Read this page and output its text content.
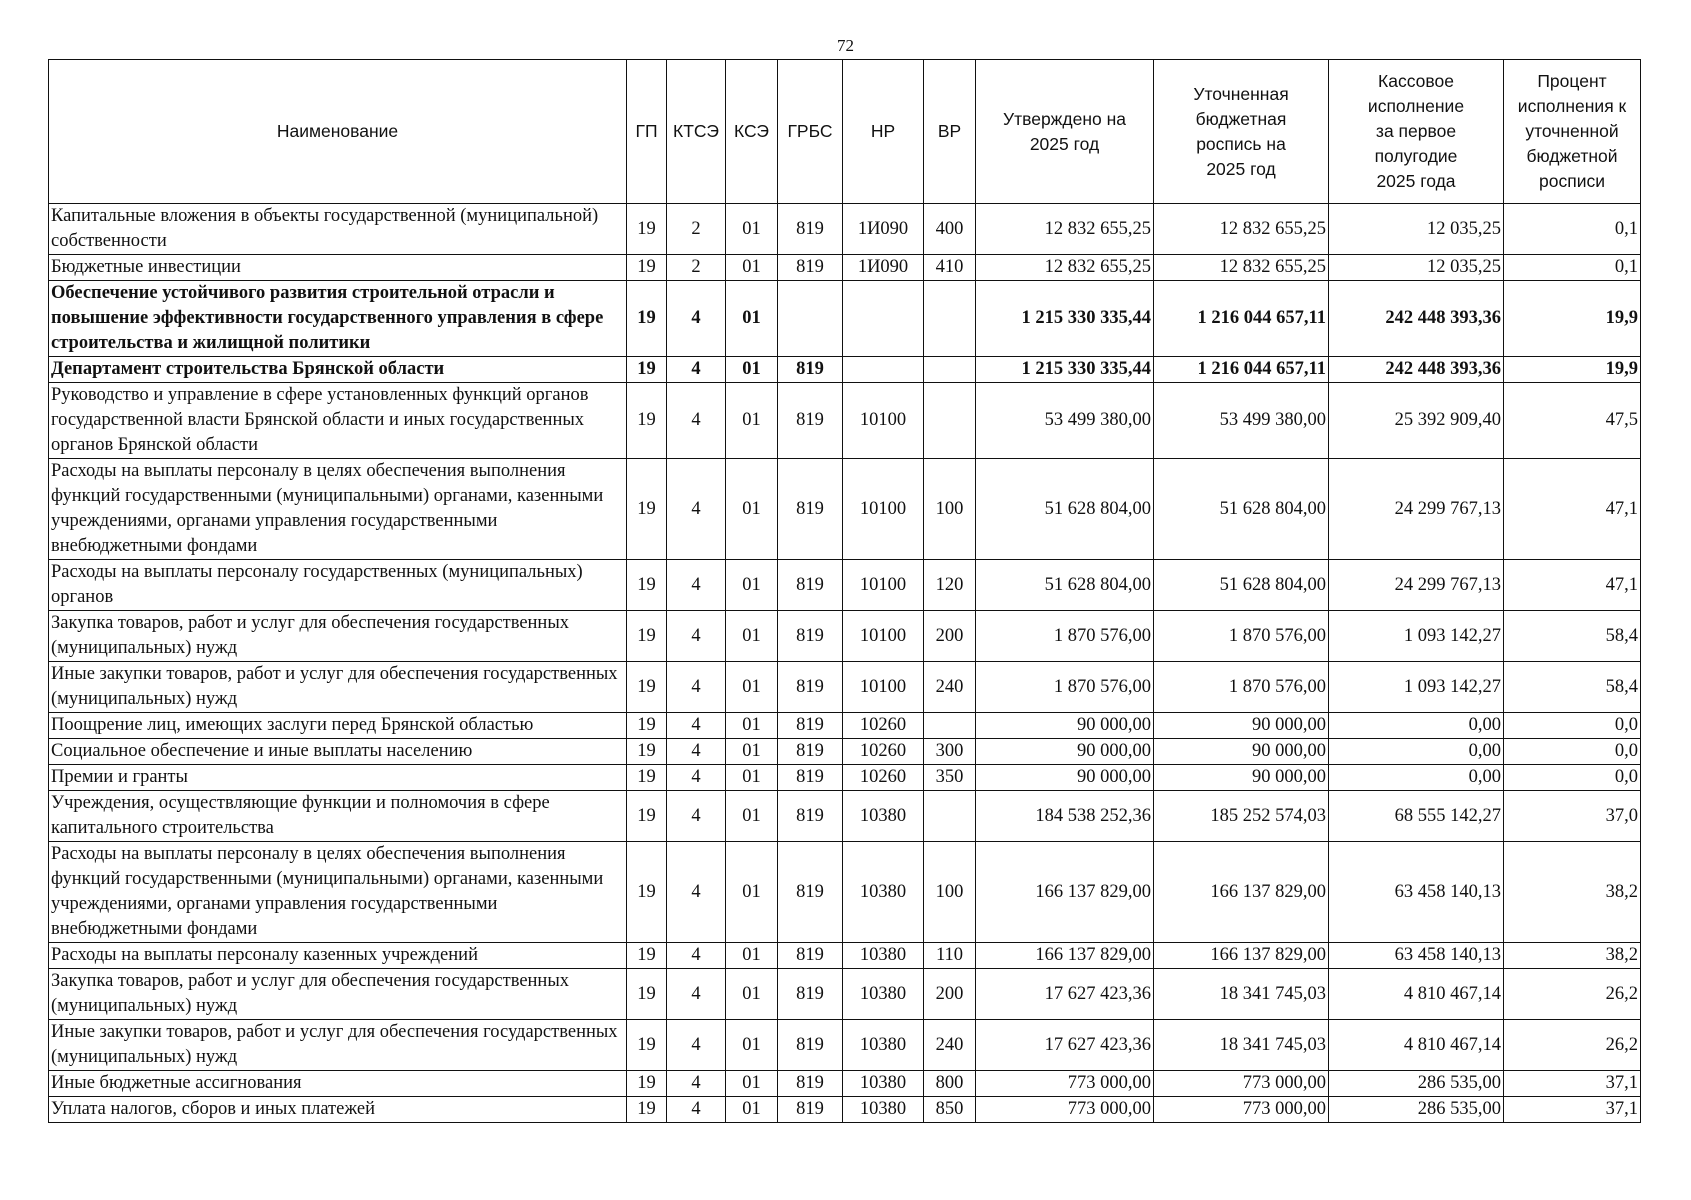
72
Наименование	ГП	КТСЭ	КСЭ	ГРБС	НР	ВР	Утверждено на 2025 год	Уточненная бюджетная роспись на 2025 год	Кассовое исполнение за первое полугодие 2025 года	Процент исполнения к уточненной бюджетной росписи
Капитальные вложения в объекты государственной (муниципальной) собственности	19	2	01	819	1И090	400	12 832 655,25	12 832 655,25	12 035,25	0,1
Бюджетные инвестиции	19	2	01	819	1И090	410	12 832 655,25	12 832 655,25	12 035,25	0,1
Обеспечение устойчивого развития строительной отрасли и повышение эффективности государственного управления в сфере строительства и жилищной политики	19	4	01				1 215 330 335,44	1 216 044 657,11	242 448 393,36	19,9
Департамент строительства Брянской области	19	4	01	819			1 215 330 335,44	1 216 044 657,11	242 448 393,36	19,9
Руководство и управление в сфере установленных функций органов государственной власти Брянской области и иных государственных органов Брянской области	19	4	01	819	10100		53 499 380,00	53 499 380,00	25 392 909,40	47,5
Расходы на выплаты персоналу в целях обеспечения выполнения функций государственными (муниципальными) органами, казенными учреждениями, органами управления государственными внебюджетными фондами	19	4	01	819	10100	100	51 628 804,00	51 628 804,00	24 299 767,13	47,1
Расходы на выплаты персоналу государственных (муниципальных) органов	19	4	01	819	10100	120	51 628 804,00	51 628 804,00	24 299 767,13	47,1
Закупка товаров, работ и услуг для обеспечения государственных (муниципальных) нужд	19	4	01	819	10100	200	1 870 576,00	1 870 576,00	1 093 142,27	58,4
Иные закупки товаров, работ и услуг для обеспечения государственных (муниципальных) нужд	19	4	01	819	10100	240	1 870 576,00	1 870 576,00	1 093 142,27	58,4
Поощрение лиц, имеющих заслуги перед Брянской областью	19	4	01	819	10260		90 000,00	90 000,00	0,00	0,0
Социальное обеспечение и иные выплаты населению	19	4	01	819	10260	300	90 000,00	90 000,00	0,00	0,0
Премии и гранты	19	4	01	819	10260	350	90 000,00	90 000,00	0,00	0,0
Учреждения, осуществляющие функции и полномочия в сфере капитального строительства	19	4	01	819	10380		184 538 252,36	185 252 574,03	68 555 142,27	37,0
Расходы на выплаты персоналу в целях обеспечения выполнения функций государственными (муниципальными) органами, казенными учреждениями, органами управления государственными внебюджетными фондами	19	4	01	819	10380	100	166 137 829,00	166 137 829,00	63 458 140,13	38,2
Расходы на выплаты персоналу казенных учреждений	19	4	01	819	10380	110	166 137 829,00	166 137 829,00	63 458 140,13	38,2
Закупка товаров, работ и услуг для обеспечения государственных (муниципальных) нужд	19	4	01	819	10380	200	17 627 423,36	18 341 745,03	4 810 467,14	26,2
Иные закупки товаров, работ и услуг для обеспечения государственных (муниципальных) нужд	19	4	01	819	10380	240	17 627 423,36	18 341 745,03	4 810 467,14	26,2
Иные бюджетные ассигнования	19	4	01	819	10380	800	773 000,00	773 000,00	286 535,00	37,1
Уплата налогов, сборов и иных платежей	19	4	01	819	10380	850	773 000,00	773 000,00	286 535,00	37,1
